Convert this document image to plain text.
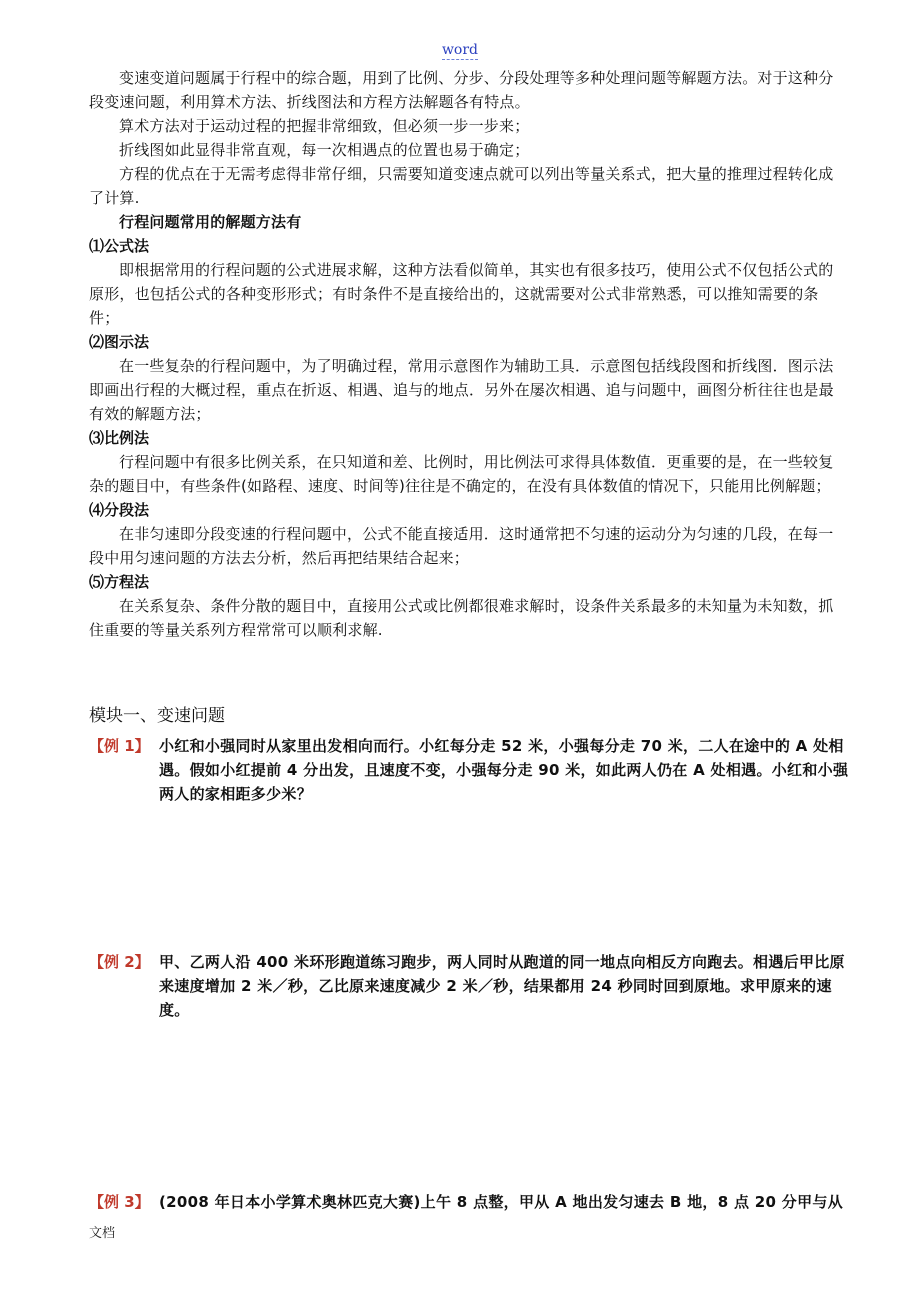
word

变速变道问题属于行程中的综合题，用到了比例、分步、分段处理等多种处理问题等解题方法。对于这种分段变速问题，利用算术方法、折线图法和方程方法解题各有特点。

算术方法对于运动过程的把握非常细致，但必须一步一步来；

折线图如此显得非常直观，每一次相遇点的位置也易于确定；

方程的优点在于无需考虑得非常仔细，只需要知道变速点就可以列出等量关系式，把大量的推理过程转化成了计算.

行程问题常用的解题方法有

⑴公式法

即根据常用的行程问题的公式进展求解，这种方法看似简单，其实也有很多技巧，使用公式不仅包括公式的原形，也包括公式的各种变形形式；有时条件不是直接给出的，这就需要对公式非常熟悉，可以推知需要的条件；

⑵图示法

在一些复杂的行程问题中，为了明确过程，常用示意图作为辅助工具．示意图包括线段图和折线图．图示法即画出行程的大概过程，重点在折返、相遇、追与的地点．另外在屡次相遇、追与问题中，画图分析往往也是最有效的解题方法；

⑶比例法

行程问题中有很多比例关系，在只知道和差、比例时，用比例法可求得具体数值．更重要的是，在一些较复杂的题目中，有些条件(如路程、速度、时间等)往往是不确定的，在没有具体数值的情况下，只能用比例解题；

⑷分段法

在非匀速即分段变速的行程问题中，公式不能直接适用．这时通常把不匀速的运动分为匀速的几段，在每一段中用匀速问题的方法去分析，然后再把结果结合起来；

⑸方程法

在关系复杂、条件分散的题目中，直接用公式或比例都很难求解时，设条件关系最多的未知量为未知数，抓住重要的等量关系列方程常常可以顺利求解.

模块一、变速问题
【例 1】 小红和小强同时从家里出发相向而行。小红每分走 52 米，小强每分走 70 米，二人在途中的 A 处相遇。假如小红提前 4 分出发，且速度不变，小强每分走 90 米，如此两人仍在 A 处相遇。小红和小强两人的家相距多少米？
【例 2】 甲、乙两人沿 400 米环形跑道练习跑步，两人同时从跑道的同一地点向相反方向跑去。相遇后甲比原来速度增加 2 米／秒，乙比原来速度减少 2 米／秒，结果都用 24 秒同时回到原地。求甲原来的速度。
【例 3】 (2008 年日本小学算术奥林匹克大赛)上午 8 点整，甲从 A 地出发匀速去 B 地，8 点 20 分甲与从
文档
